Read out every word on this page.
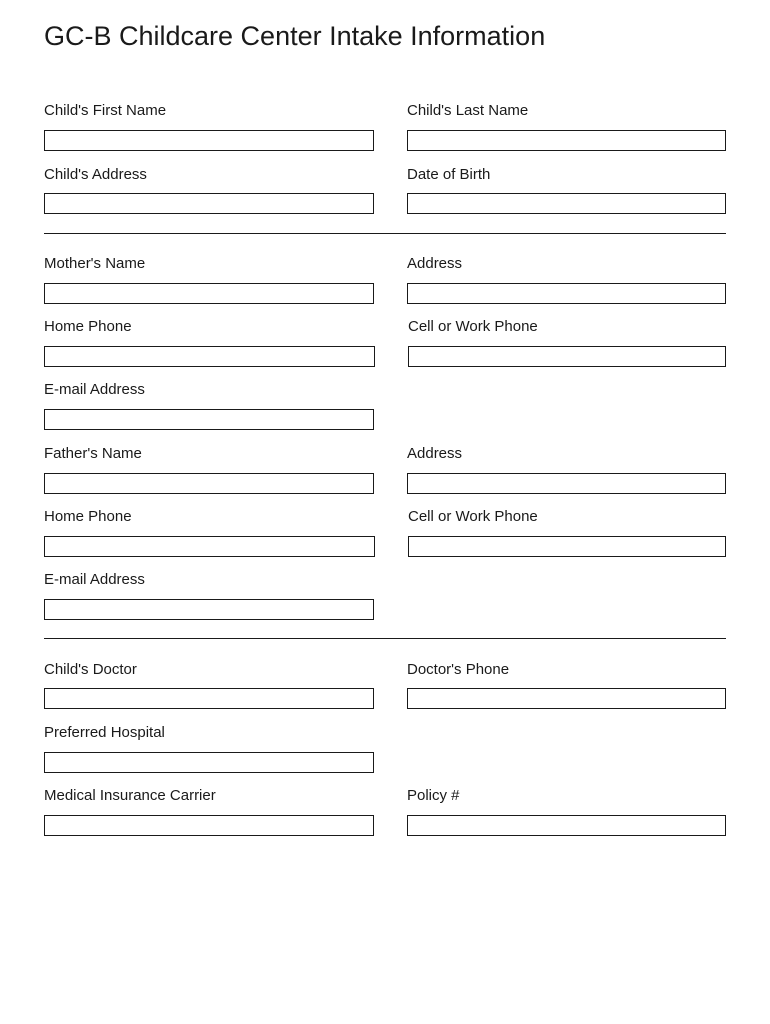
GC-B Childcare Center Intake Information
Child's First Name	Child's Last Name
Child's Address	Date of Birth
Mother's Name	Address
Home Phone	Cell or Work Phone
E-mail Address
Father's Name	Address
Home Phone	Cell or Work Phone
E-mail Address
Child's Doctor	Doctor's Phone
Preferred Hospital
Medical Insurance Carrier	Policy #
